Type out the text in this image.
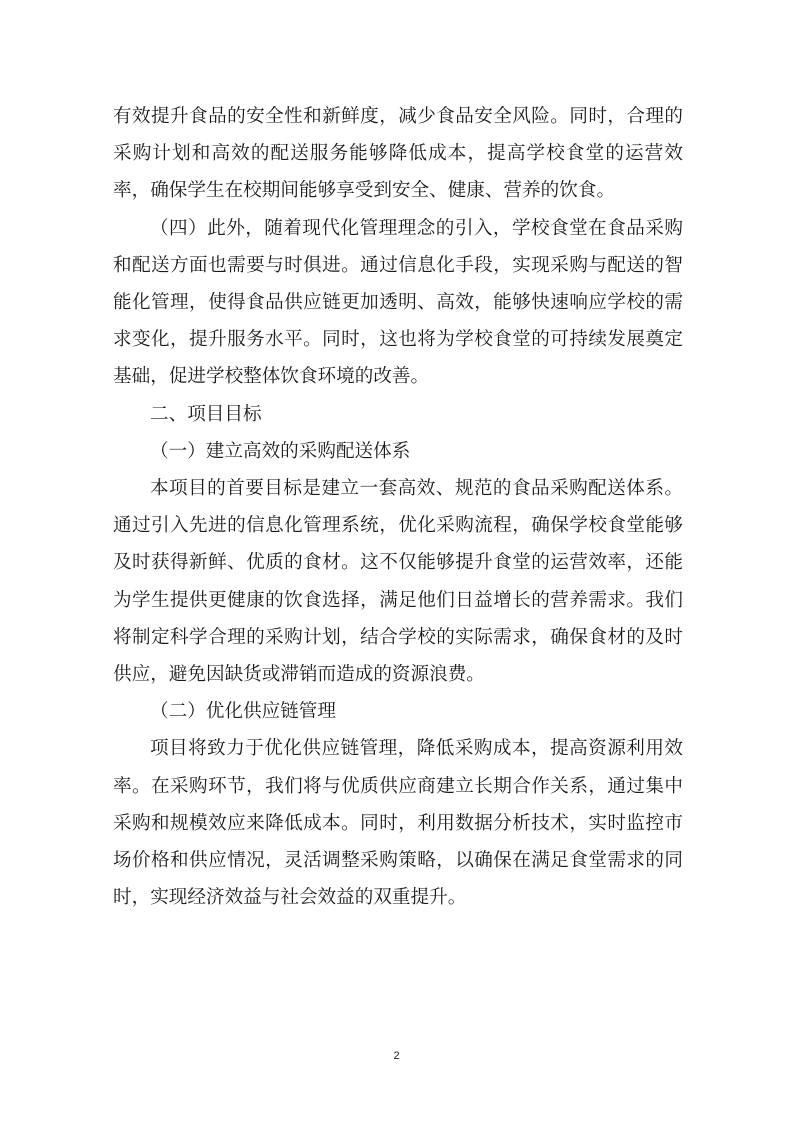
有效提升食品的安全性和新鲜度，减少食品安全风险。同时，合理的采购计划和高效的配送服务能够降低成本，提高学校食堂的运营效率，确保学生在校期间能够享受到安全、健康、营养的饮食。

（四）此外，随着现代化管理理念的引入，学校食堂在食品采购和配送方面也需要与时俱进。通过信息化手段，实现采购与配送的智能化管理，使得食品供应链更加透明、高效，能够快速响应学校的需求变化，提升服务水平。同时，这也将为学校食堂的可持续发展奠定基础，促进学校整体饮食环境的改善。

二、项目目标

（一）建立高效的采购配送体系

本项目的首要目标是建立一套高效、规范的食品采购配送体系。通过引入先进的信息化管理系统，优化采购流程，确保学校食堂能够及时获得新鲜、优质的食材。这不仅能够提升食堂的运营效率，还能为学生提供更健康的饮食选择，满足他们日益增长的营养需求。我们将制定科学合理的采购计划，结合学校的实际需求，确保食材的及时供应，避免因缺货或滞销而造成的资源浪费。

（二）优化供应链管理

项目将致力于优化供应链管理，降低采购成本，提高资源利用效率。在采购环节，我们将与优质供应商建立长期合作关系，通过集中采购和规模效应来降低成本。同时，利用数据分析技术，实时监控市场价格和供应情况，灵活调整采购策略，以确保在满足食堂需求的同时，实现经济效益与社会效益的双重提升。

2
